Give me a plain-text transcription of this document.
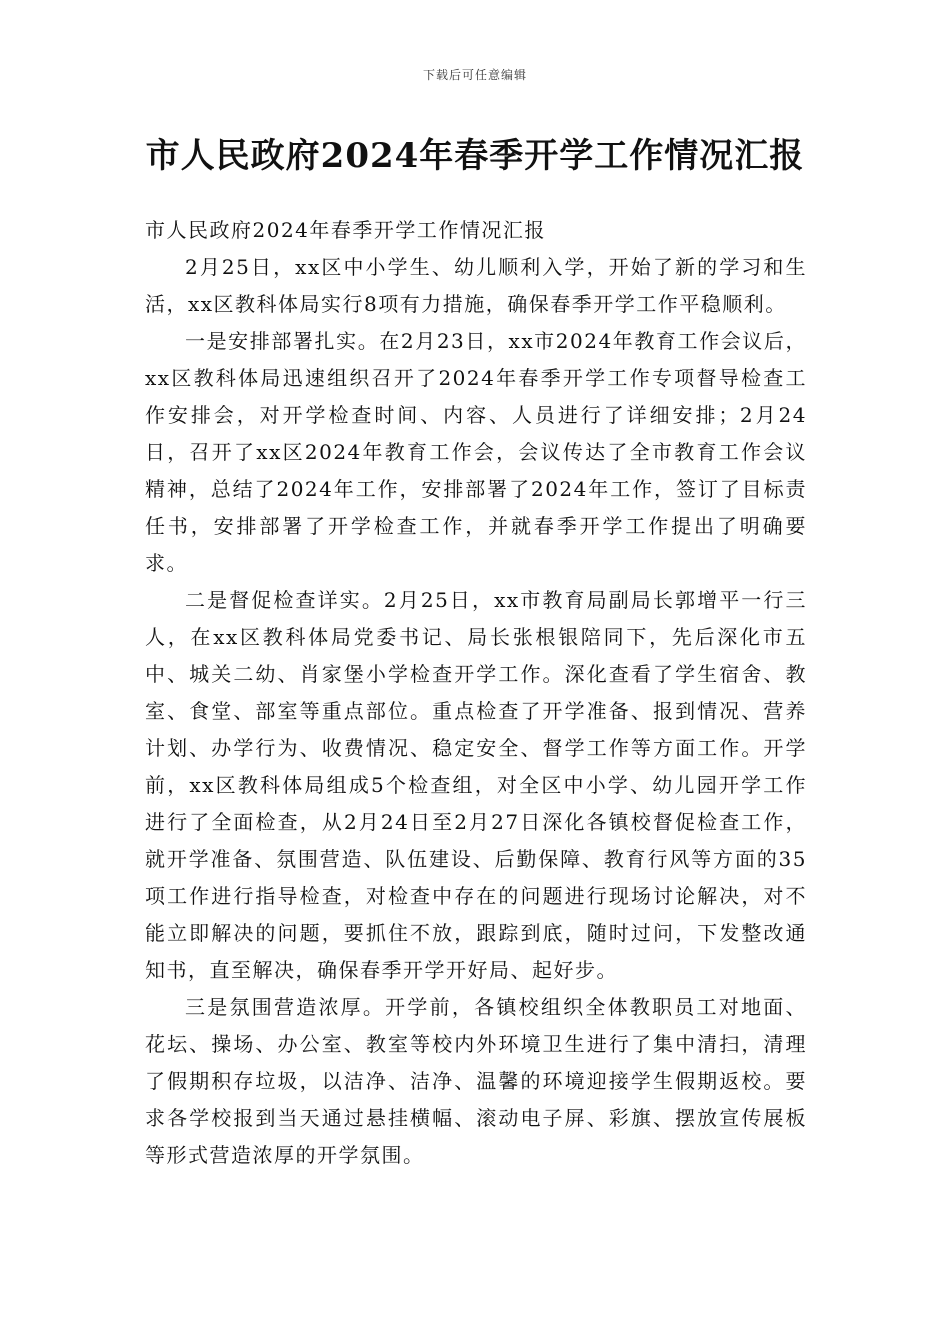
下载后可任意编辑
市人民政府2024年春季开学工作情况汇报

市人民政府2024年春季开学工作情况汇报

2月25日，xx区中小学生、幼儿顺利入学，开始了新的学习和生活，xx区教科体局实行8项有力措施，确保春季开学工作平稳顺利。

一是安排部署扎实。在2月23日，xx市2024年教育工作会议后，xx区教科体局迅速组织召开了2024年春季开学工作专项督导检查工作安排会，对开学检查时间、内容、人员进行了详细安排；2月24日，召开了xx区2024年教育工作会，会议传达了全市教育工作会议精神，总结了2024年工作，安排部署了2024年工作，签订了目标责任书，安排部署了开学检查工作，并就春季开学工作提出了明确要求。

二是督促检查详实。2月25日，xx市教育局副局长郭增平一行三人，在xx区教科体局党委书记、局长张根银陪同下，先后深化市五中、城关二幼、肖家堡小学检查开学工作。深化查看了学生宿舍、教室、食堂、部室等重点部位。重点检查了开学准备、报到情况、营养计划、办学行为、收费情况、稳定安全、督学工作等方面工作。开学前，xx区教科体局组成5个检查组，对全区中小学、幼儿园开学工作进行了全面检查，从2月24日至2月27日深化各镇校督促检查工作，就开学准备、氛围营造、队伍建设、后勤保障、教育行风等方面的35项工作进行指导检查，对检查中存在的问题进行现场讨论解决，对不能立即解决的问题，要抓住不放，跟踪到底，随时过问，下发整改通知书，直至解决，确保春季开学开好局、起好步。

三是氛围营造浓厚。开学前，各镇校组织全体教职员工对地面、花坛、操场、办公室、教室等校内外环境卫生进行了集中清扫，清理了假期积存垃圾，以洁净、洁净、温馨的环境迎接学生假期返校。要求各学校报到当天通过悬挂横幅、滚动电子屏、彩旗、摆放宣传展板等形式营造浓厚的开学氛围。
